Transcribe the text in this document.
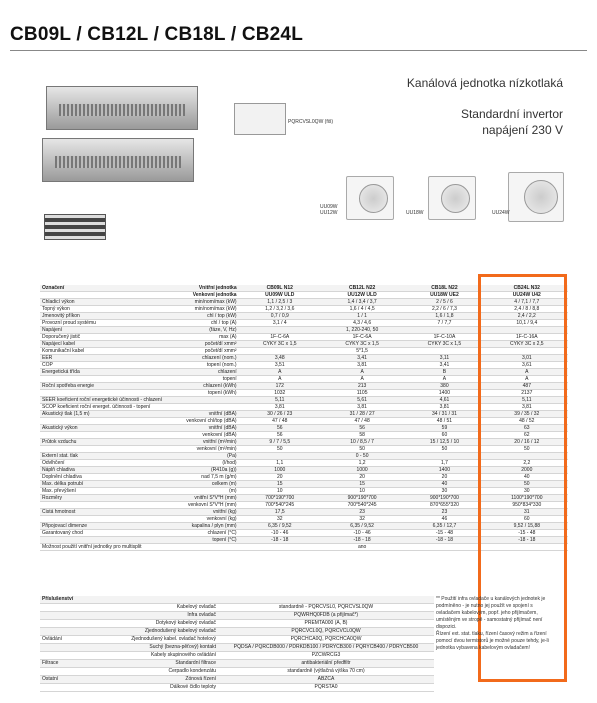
CB09L / CB12L / CB18L / CB24L
Kanálová jednotka nízkotlaká
Standardní invertor
napájení 230 V
PQRCVSL0QW (fiš)
UU09W
UU12W	UU18W	UU24W
Označení	Vnitřní jednotka	CB09L N12	CB12L N22	CB18L N22	CB24L N32
	Venkovní jednotka	UU09W ULD	UU12W ULD	UU18W UE2	UU24W U42
Chladicí výkon	min/nom/max (kW)	1,1 / 2,5 / 3	1,4 / 3,4 / 3,7	2 / 5 / 6	4 / 7,1 / 7,7
Topný výkon	min/nom/max (kW)	1,2 / 3,2 / 3,6	1,6 / 4 / 4,5	2,2 / 6 / 7,3	2,4 / 8 / 8,8
Jmenovitý příkon	chl / top (kW)	0,7 / 0,9	1 / 1	1,6 / 1,8	2,4 / 2,2
Provozní proud systému	chl / top (A)	3,1 / 4	4,3 / 4,6	7 / 7,7	10,1 / 9,4
Napájení	(fáze, V, Hz)		1, 220-240, 50		
Doporučený jistič	max (A)	1F-C-6A	1F-C-6A	1F-C-10A	1F-C-16A
Napájecí kabel	počet/dí xmm²	CYKY 3C x 1,5	CYKY 3C x 1,5	CYKY 3C x 1,5	CYKY 3C x 2,5
Komunikační kabel	počet/dí xmm²		5*1,5		
EER	chlazení (nom.)	3,48	3,41	3,11	3,01
COP	topení (nom.)	3,51	3,81	3,41	3,61
Energetická třída	chlazení	A	A	B	A
	topení	A	A	A	A
Roční spotřeba energie	chlazení (kWh)	172	213	380	487
	topení (kWh)	1032	1105	1400	2137
SEER koeficient roční energetické účinnosti - chlazení		5,11	5,61	4,61	5,11
SCOP koeficient roční energet. účinnosti - topení		3,81	3,81	3,81	3,81
Akustický tlak (1,5 m)	vnitřní (dBA)	30 / 26 / 23	31 / 28 / 27	34 / 31 / 31	39 / 35 / 32
	venkovní chl/top (dBA)	47 / 48	47 / 48	48 / 51	48 / 52
Akustický výkon	vnitřní (dBA)	56	56	59	63
	venkovní (dBA)	56	58	60	62
Průtok vzduchu	vnitřní (m³/min)	9 / 7 / 5,5	10 / 8,5 / 7	15 / 12,5 / 10	20 / 16 / 12
	venkovní (m³/min)	50	50	50	50
Externí stat. tlak	(Pa)		0 - 50		
Odvlhčení	(l/hod)	1,1	1,2	1,7	2,2
Náplň chladiva	(R410a (g))	1000	1000	1400	2000
Doplnění chladiva	nad 7,5 m (g/m)	20	20	20	40
Max. délka potrubí	celkem (m)	15	15	40	50
Max. převýšení	(m)	10	10	30	30
Rozměry	vnitřní Š*V*H (mm)	700*190*700	900*190*700	900*190*700	1100*190*700
	venkovní Š*V*H (mm)	700*540*245	700*540*245	870*655*320	950*834*330
Čistá hmotnost	vnitřní (kg)	17,5	23	23	31
	venkovní (kg)	32	32	46	60
Připojovací dimenze	kapalina / plyn (mm)	6,35 / 9,52	6,35 / 9,52	6,35 / 12,7	9,52 / 15,88
Garantovaný chod	chlazení (°C)	-10 - 46	-10 - 46	-15 - 48	-15 - 48
	topení (°C)	-18 - 18	-18 - 18	-18 - 18	-18 - 18
Možnost použití vnitřní jednotky pro multisplit			ano		
Příslušenství		
	Kabelový ovladač	standardně - PQRCVSL0, PQRCVSL0QW
	Infra ovladač	PQWRHQ0FDB (a přijímač*)
	Dotykový kabelový ovladač	PREMTA000 (A, B)
	Zjednodušený kabelový ovladač	PQRCVCL0Q, PQRCVCL0QW
Ovládání	Zjednodušený kabel. ovladač hotelový	PQRCHCA0Q, PQRCHCA0QW
	Suchý (bezna-pěťový) kontakt	PQDSA / PQRCDB000 / PDRKDB100 / PDRYCB300 / PQRYCB400 / PDRYCB500
	Kabely skupinového ovládání	PZCWRCG3
Filtrace	Standardní filtrace	antibakteriální předfiltr
	Čerpadlo kondenzátu	standardně (výtlačná výška 70 cm)
Ostatní	Zónová řízení	ABZCA
	Dálkové čidlo teploty	PQRSTA0
** Použití infra ovladače u kanálových jednotek je podmíněno - je nutno jej použít ve spojení s ovladačem kabelovým, popř. jeho přijímačem, umístěným ve stropě - samostatný přijímač není dispozici.
Řízení ext. stat. tlaku, řízení časový režim a řízení pomocí dvou termistorů je možné pouze tehdy, je-li jednotka vybavena kabelovým ovladačem!
